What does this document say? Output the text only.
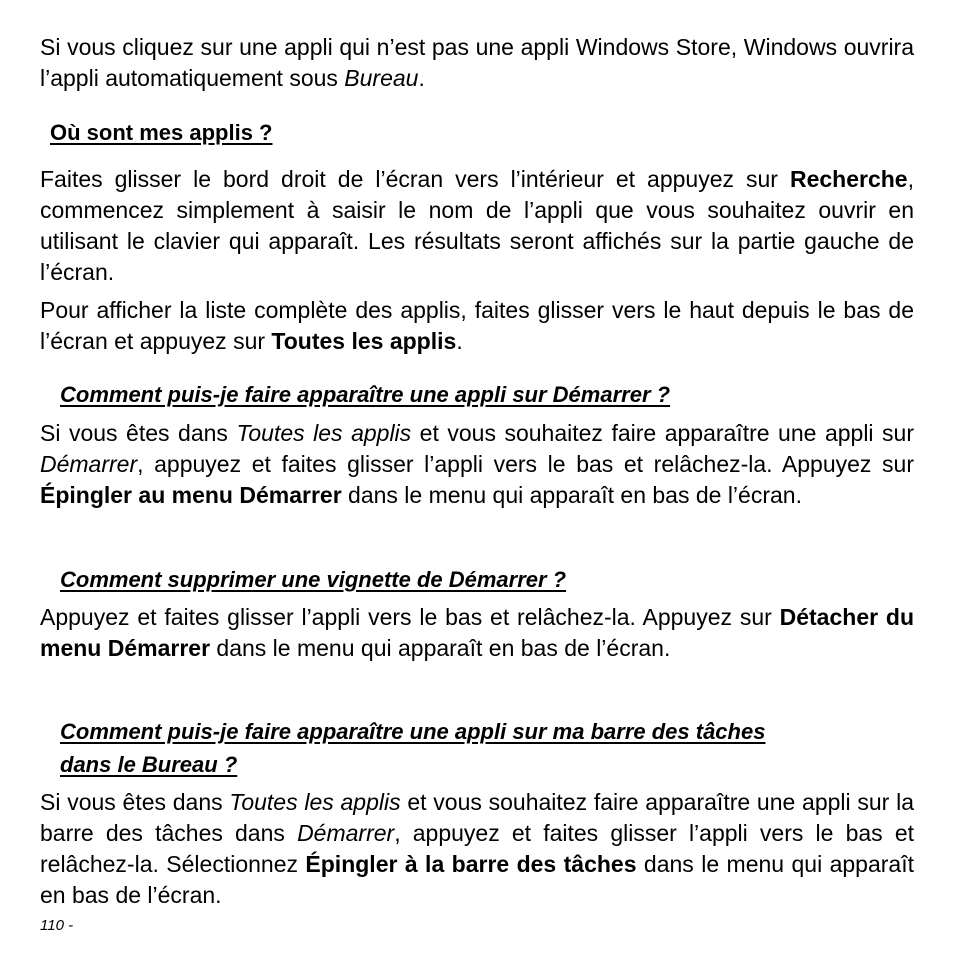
Si vous cliquez sur une appli qui n’est pas une appli Windows Store, Windows ouvrira l’appli automatiquement sous Bureau.

Où sont mes applis ?

Faites glisser le bord droit de l’écran vers l’intérieur et appuyez sur Recherche, commencez simplement à saisir le nom de l’appli que vous souhaitez ouvrir en utilisant le clavier qui apparaît. Les résultats seront affichés sur la partie gauche de l’écran.

Pour afficher la liste complète des applis, faites glisser vers le haut depuis le bas de l’écran et appuyez sur Toutes les applis.

Comment puis-je faire apparaître une appli sur Démarrer ?

Si vous êtes dans Toutes les applis et vous souhaitez faire apparaître une appli sur Démarrer, appuyez et faites glisser l’appli vers le bas et relâchez-la. Appuyez sur Épingler au menu Démarrer dans le menu qui apparaît en bas de l’écran.

Comment supprimer une vignette de Démarrer ?

Appuyez et faites glisser l’appli vers le bas et relâchez-la. Appuyez sur Détacher du menu Démarrer dans le menu qui apparaît en bas de l’écran.

Comment puis-je faire apparaître une appli sur ma barre des tâches
dans le Bureau ?

Si vous êtes dans Toutes les applis et vous souhaitez faire apparaître une appli sur la barre des tâches dans Démarrer, appuyez et faites glisser l’appli vers le bas et relâchez-la. Sélectionnez Épingler à la barre des tâches dans le menu qui apparaît en bas de l’écran.

110 -
